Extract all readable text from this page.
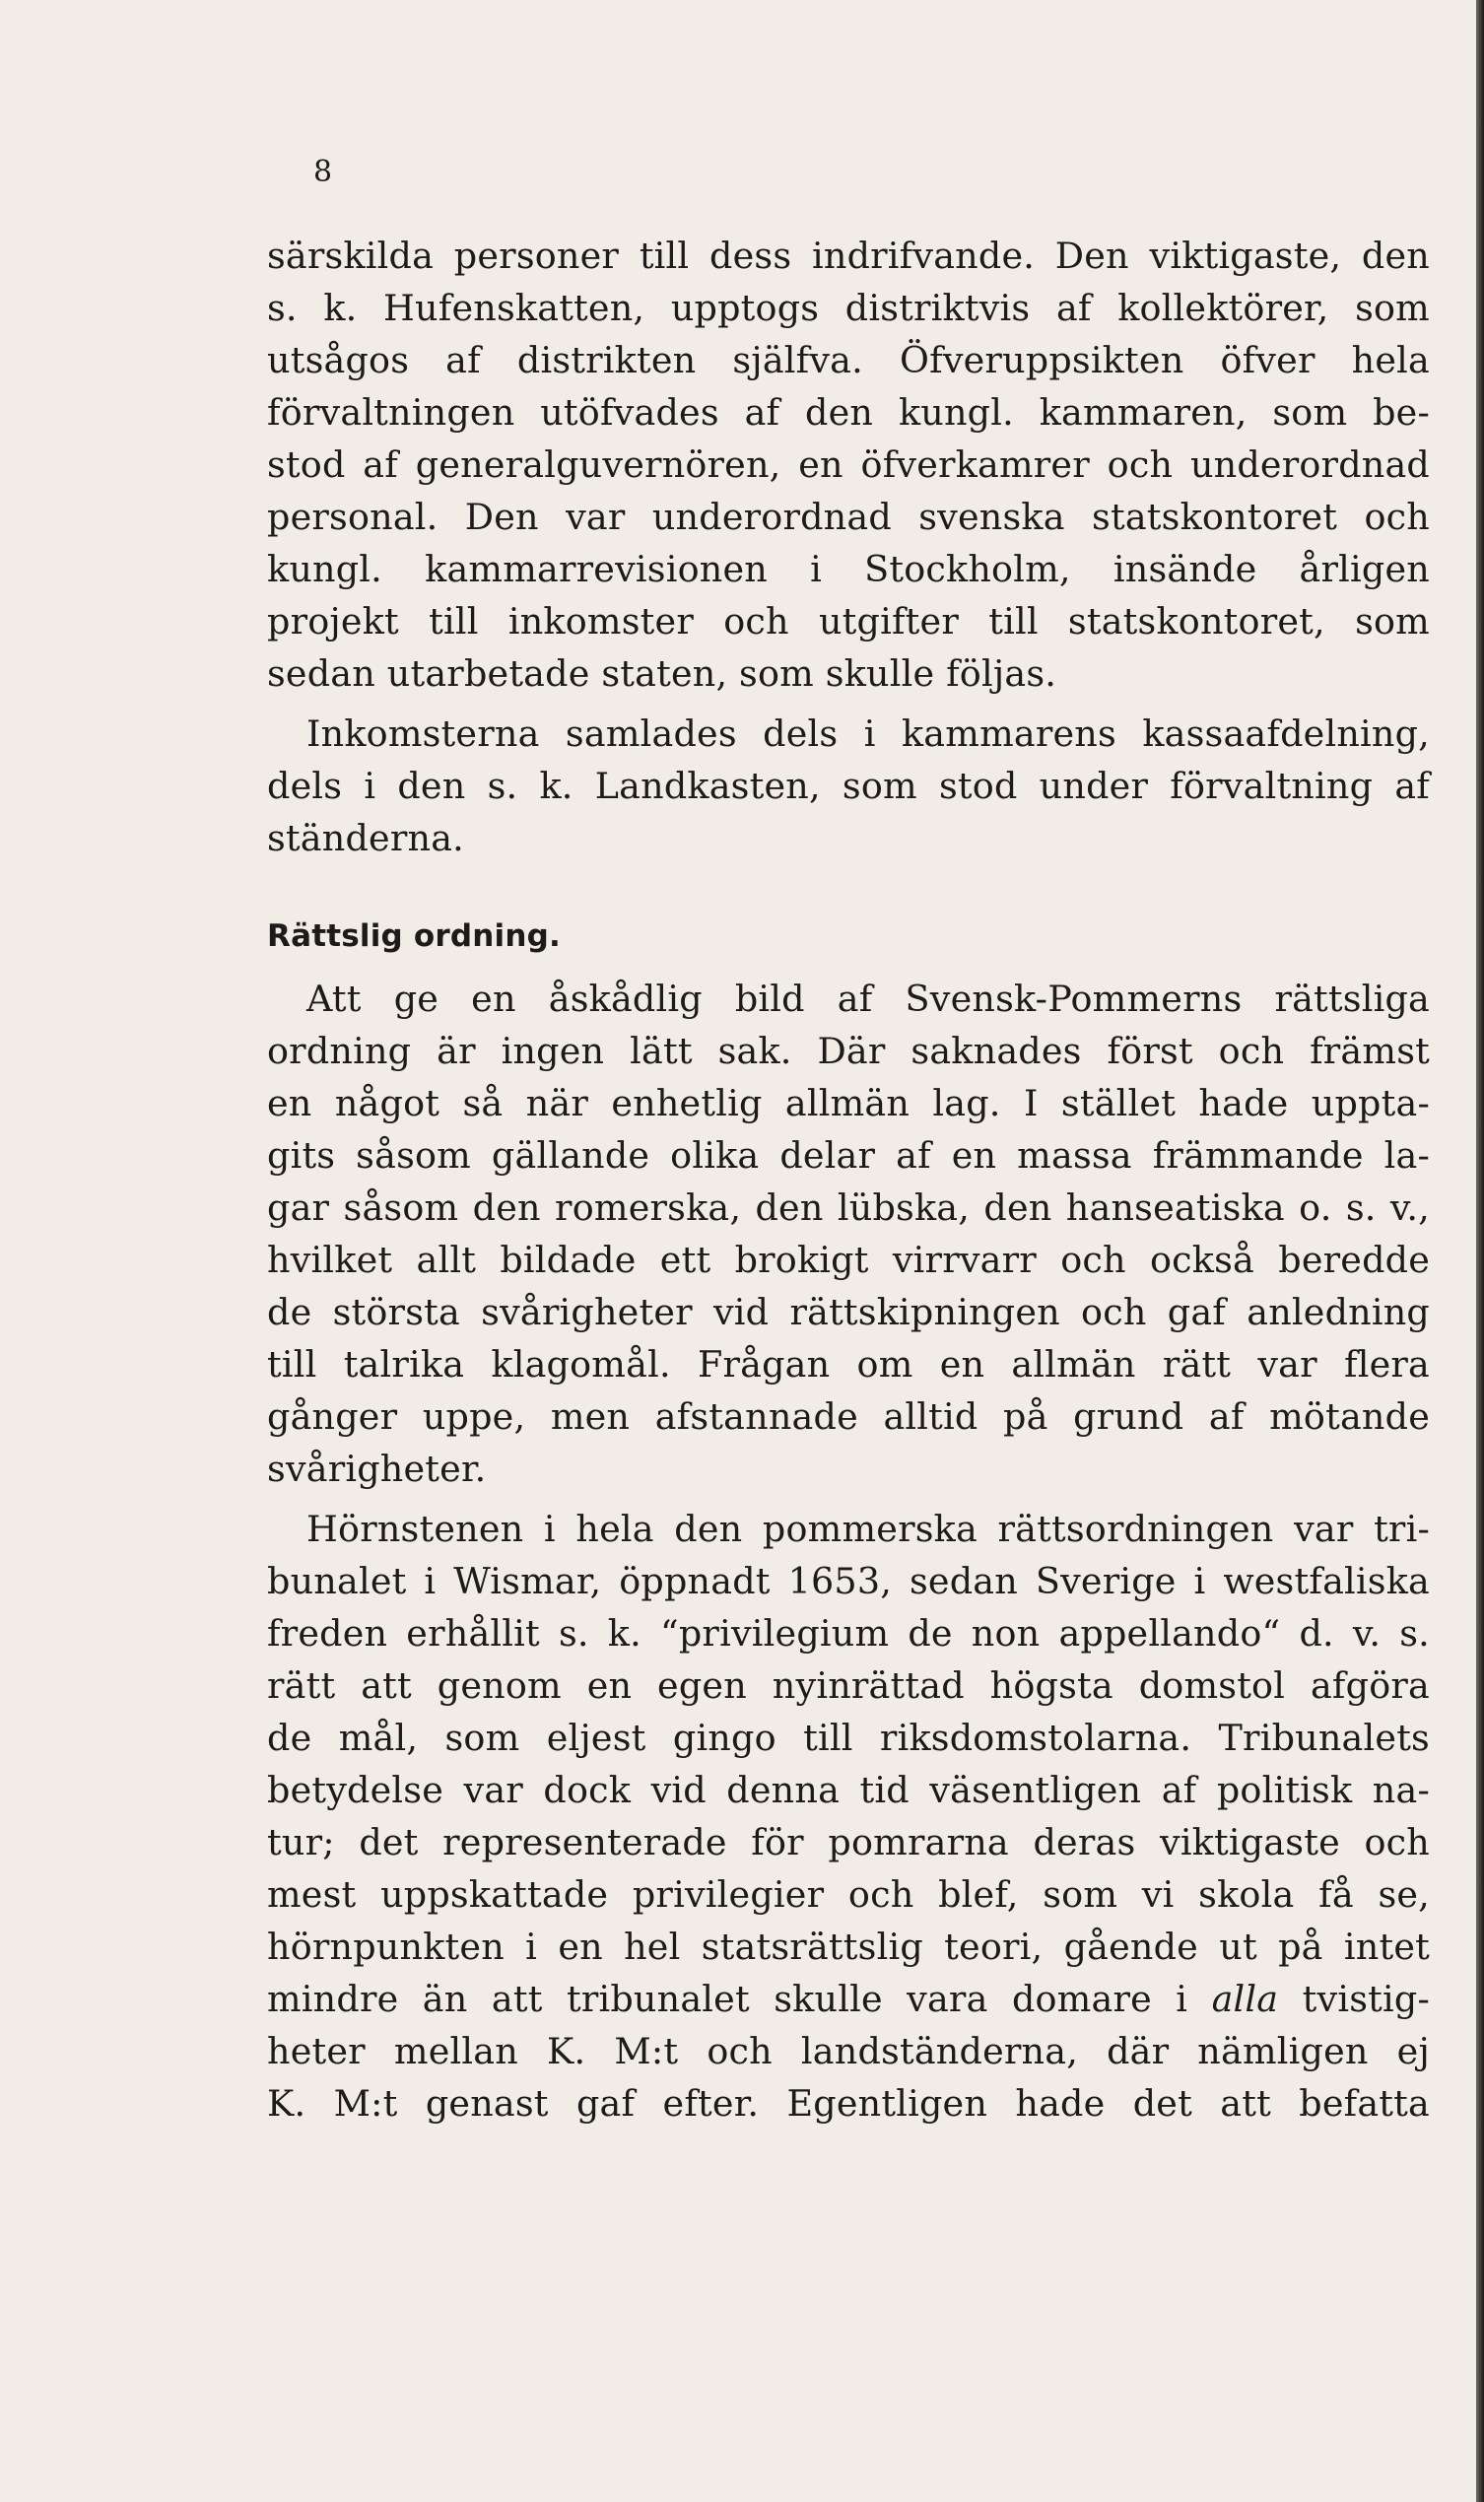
8
särskilda personer till dess indrifvande. Den viktigaste, den
s. k. Hufenskatten, upptogs distriktvis af kollektörer, som
utsågos af distrikten själfva. Öfveruppsikten öfver hela
förvaltningen utöfvades af den kungl. kammaren, som be-
stod af generalguvernören, en öfverkamrer och underordnad
personal. Den var underordnad svenska statskontoret och
kungl. kammarrevisionen i Stockholm, insände årligen
projekt till inkomster och utgifter till statskontoret, som
sedan utarbetade staten, som skulle följas.
Inkomsterna samlades dels i kammarens kassaafdelning,
dels i den s. k. Landkasten, som stod under förvaltning af
ständerna.
Rättslig ordning.
Att ge en åskådlig bild af Svensk-Pommerns rättsliga
ordning är ingen lätt sak. Där saknades först och främst
en något så när enhetlig allmän lag. I stället hade uppta-
gits såsom gällande olika delar af en massa främmande la-
gar såsom den romerska, den lübska, den hanseatiska o. s. v.,
hvilket allt bildade ett brokigt virrvarr och också beredde
de största svårigheter vid rättskipningen och gaf anledning
till talrika klagomål. Frågan om en allmän rätt var flera
gånger uppe, men afstannade alltid på grund af mötande
svårigheter.
Hörnstenen i hela den pommerska rättsordningen var tri-
bunalet i Wismar, öppnadt 1653, sedan Sverige i westfaliska
freden erhållit s. k. “privilegium de non appellando“ d. v. s.
rätt att genom en egen nyinrättad högsta domstol afgöra
de mål, som eljest gingo till riksdomstolarna. Tribunalets
betydelse var dock vid denna tid väsentligen af politisk na-
tur; det representerade för pomrarna deras viktigaste och
mest uppskattade privilegier och blef, som vi skola få se,
hörnpunkten i en hel statsrättslig teori, gående ut på intet
mindre än att tribunalet skulle vara domare i alla tvistig-
heter mellan K. M:t och landständerna, där nämligen ej
K. M:t genast gaf efter. Egentligen hade det att befatta
